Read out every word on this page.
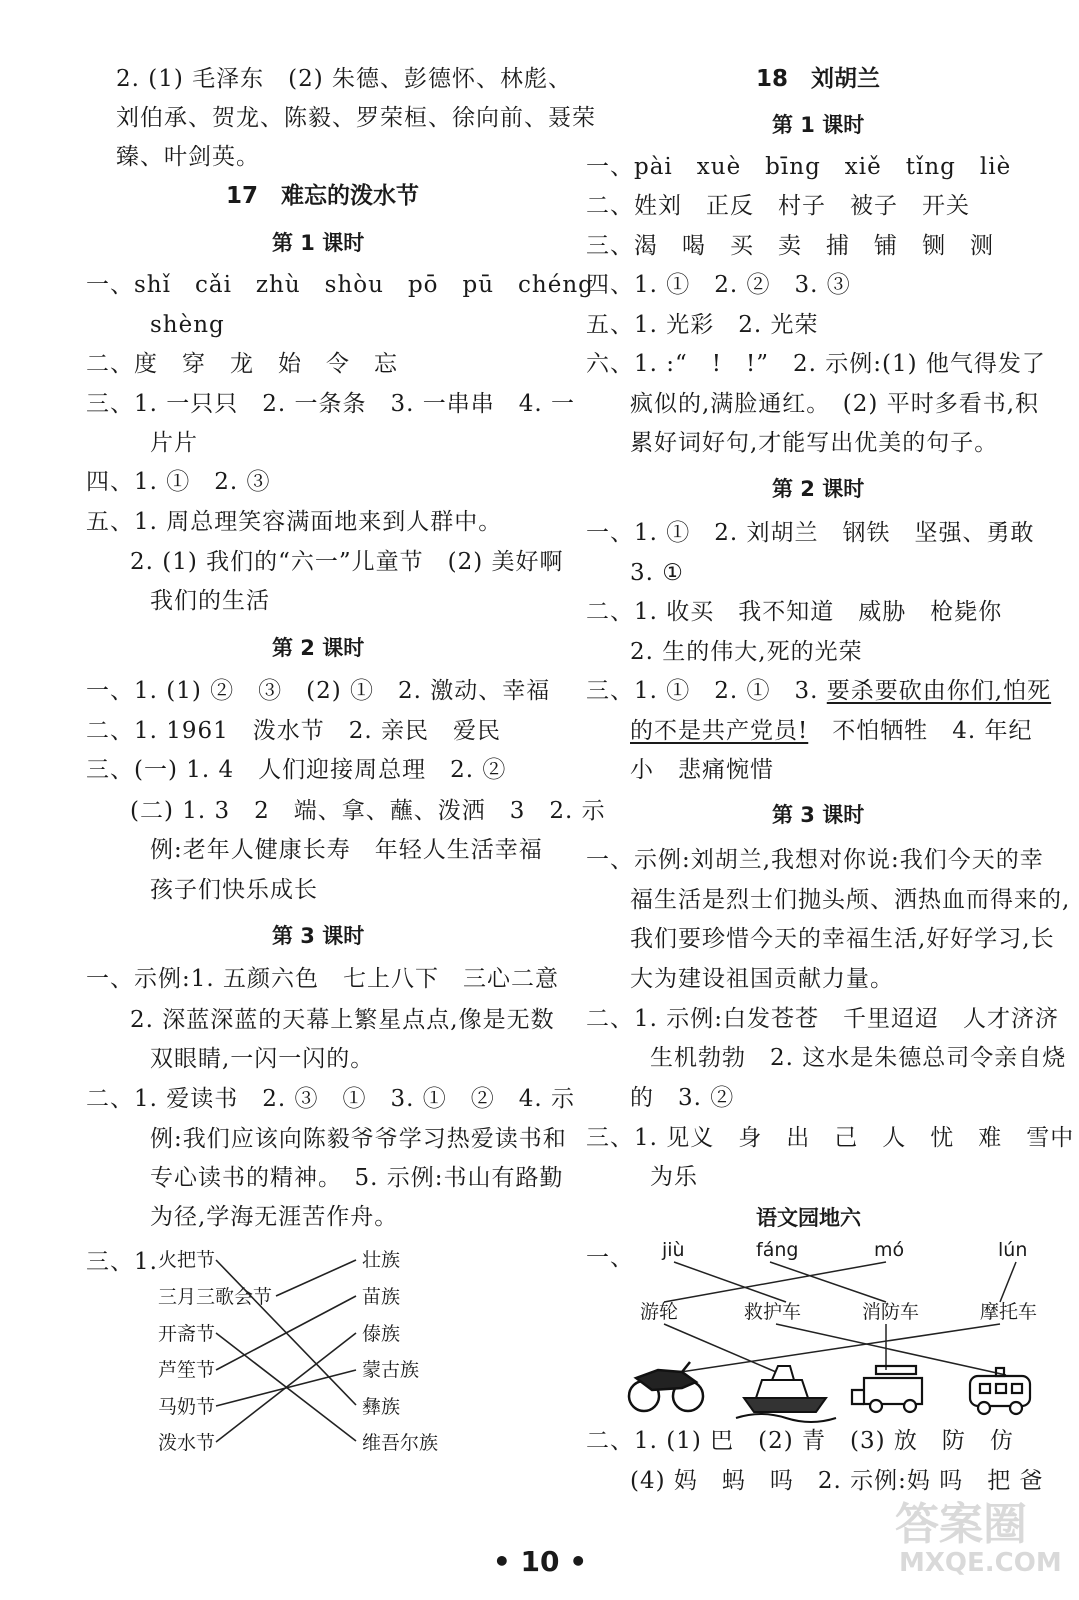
2. (1) 毛泽东　(2) 朱德、彭德怀、林彪、
刘伯承、贺龙、陈毅、罗荣桓、徐向前、聂荣
臻、叶剑英。
17　难忘的泼水节
第 1 课时
一、shǐ　cǎi　zhù　shòu　pō　pū　chéng
shèng
二、度　穿　龙　始　令　忘
三、1. 一只只　2. 一条条　3. 一串串　4. 一
片片
四、1. ①　2. ③
五、1. 周总理笑容满面地来到人群中。
2. (1) 我们的“六一”儿童节　(2) 美好啊
我们的生活
第 2 课时
一、1. (1) ②　③　(2) ①　2. 激动、幸福
二、1. 1961　泼水节　2. 亲民　爱民
三、(一) 1. 4　人们迎接周总理　2. ②
(二) 1. 3　2　端、拿、蘸、泼洒　3　2. 示
例:老年人健康长寿　年轻人生活幸福
孩子们快乐成长
第 3 课时
一、示例:1. 五颜六色　七上八下　三心二意
2. 深蓝深蓝的天幕上繁星点点,像是无数
双眼睛,一闪一闪的。
二、1. 爱读书　2. ③　①　3. ①　②　4. 示
例:我们应该向陈毅爷爷学习热爱读书和
专心读书的精神。　5. 示例:书山有路勤
为径,学海无涯苦作舟。
三、1. 火把节
三月三歌会节
开斋节
芦笙节
马奶节
泼水节
壮族
苗族
傣族
蒙古族
彝族
维吾尔族
18　刘胡兰
第 1 课时
一、pài　xuè　bīng　xiě　tǐng　liè
二、姓刘　正反　村子　被子　开关
三、渴　喝　买　卖　捕　铺　铡　测
四、1. ①　2. ②　3. ③
五、1. 光彩　2. 光荣
六、1. :“　!　!”　2. 示例:(1) 他气得发了
疯似的,满脸通红。　(2) 平时多看书,积
累好词好句,才能写出优美的句子。
第 2 课时
一、1. ①　2. 刘胡兰　钢铁　坚强、勇敢
3. ①
二、1. 收买　我不知道　威胁　枪毙你
2. 生的伟大,死的光荣
三、1. ①　2. ①　3. 要杀要砍由你们,怕死
的不是共产党员!　不怕牺牲　4. 年纪
小　悲痛惋惜
第 3 课时
一、示例:刘胡兰,我想对你说:我们今天的幸
福生活是烈士们抛头颅、洒热血而得来的,
我们要珍惜今天的幸福生活,好好学习,长
大为建设祖国贡献力量。
二、1. 示例:白发苍苍　千里迢迢　人才济济
生机勃勃　2. 这水是朱德总司令亲自烧
的　3. ②
三、1. 见义　身　出　己　人　忧　难　雪中
为乐
语文园地六
一、 jiù	fáng	mó	lún
游轮	救护车	消防车	摩托车
二、1. (1) 巴　(2) 青　(3) 放　防　仿
(4) 妈　蚂　吗　2. 示例:妈 吗　把 爸
• 10 •
答案圈
MXQE.COM
